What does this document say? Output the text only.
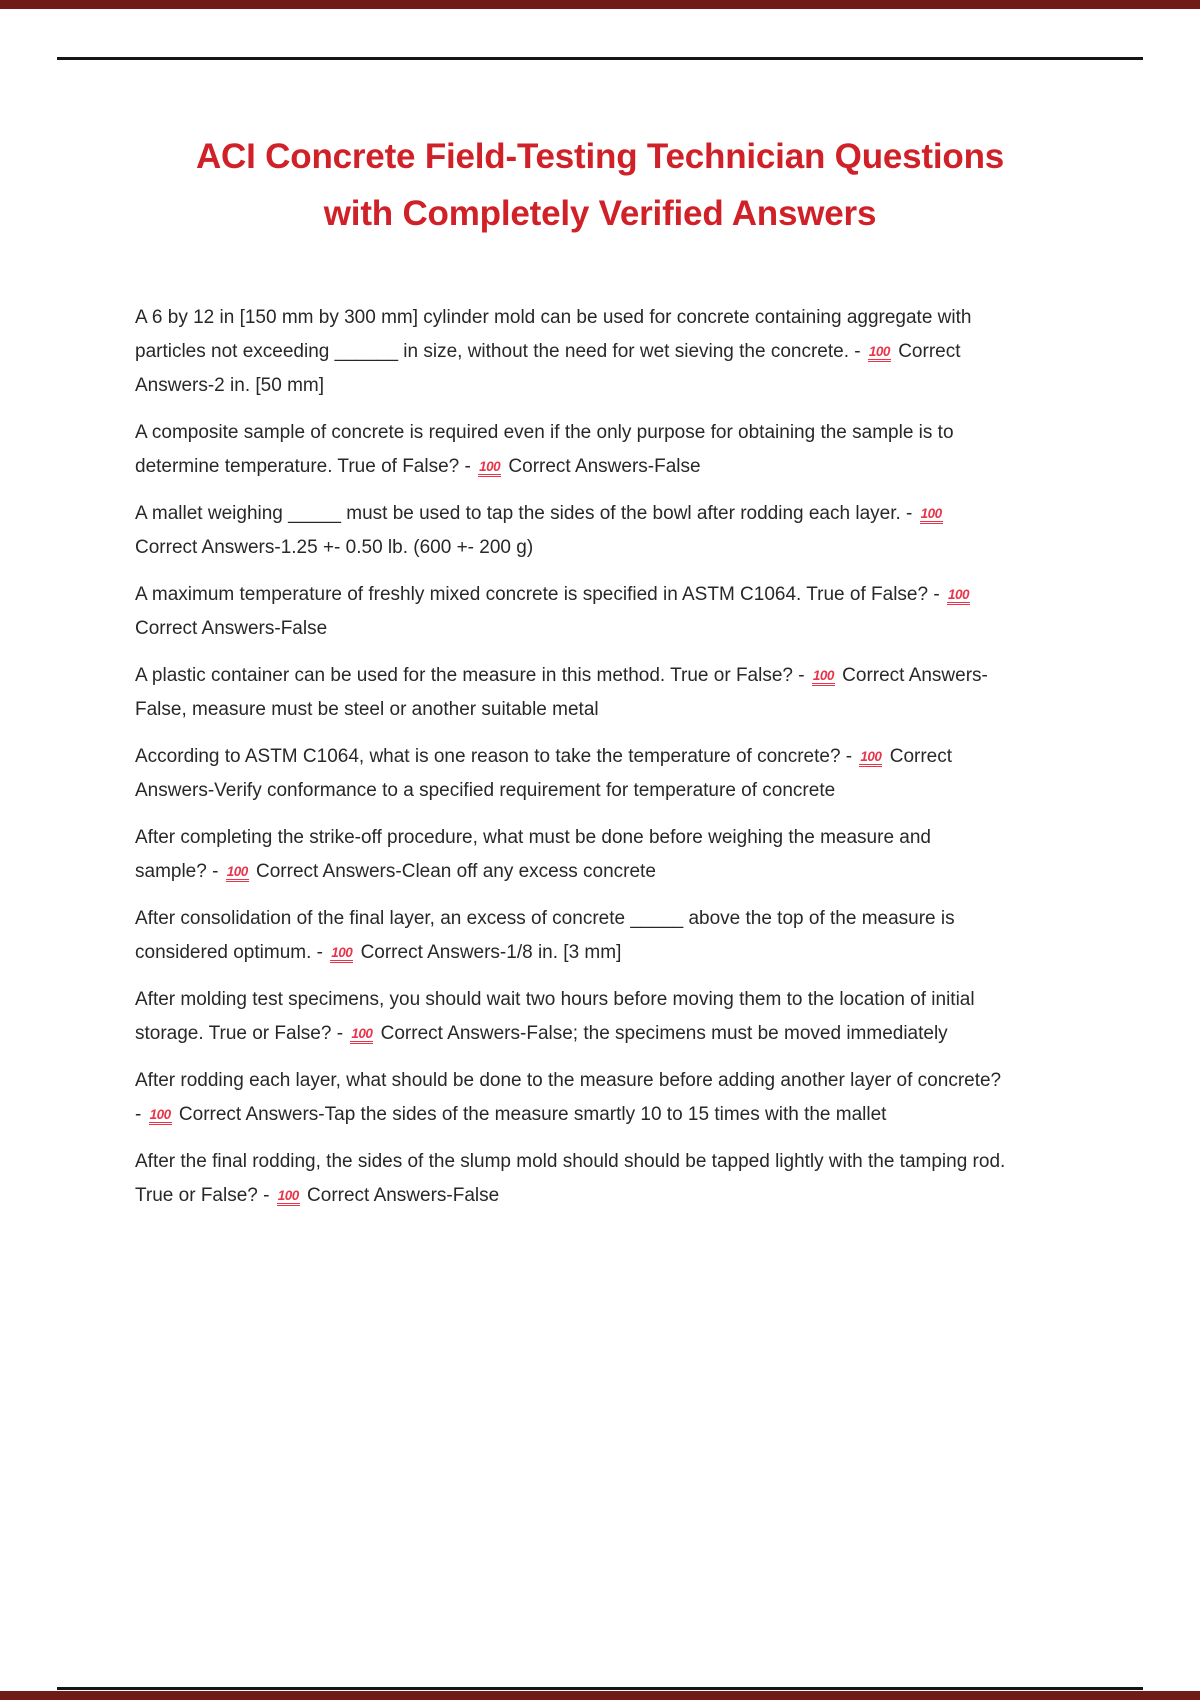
ACI Concrete Field-Testing Technician Questions
with Completely Verified Answers

A 6 by 12 in [150 mm by 300 mm] cylinder mold can be used for concrete containing aggregate with particles not exceeding ______ in size, without the need for wet sieving the concrete. - 100 Correct Answers-2 in. [50 mm]

A composite sample of concrete is required even if the only purpose for obtaining the sample is to determine temperature. True of False? - 100 Correct Answers-False

A mallet weighing _____ must be used to tap the sides of the bowl after rodding each layer. - 100 Correct Answers-1.25 +- 0.50 lb. (600 +- 200 g)

A maximum temperature of freshly mixed concrete is specified in ASTM C1064. True of False? - 100 Correct Answers-False

A plastic container can be used for the measure in this method. True or False? - 100 Correct Answers-False, measure must be steel or another suitable metal

According to ASTM C1064, what is one reason to take the temperature of concrete? - 100 Correct Answers-Verify conformance to a specified requirement for temperature of concrete

After completing the strike-off procedure, what must be done before weighing the measure and sample? - 100 Correct Answers-Clean off any excess concrete

After consolidation of the final layer, an excess of concrete _____ above the top of the measure is considered optimum. - 100 Correct Answers-1/8 in. [3 mm]

After molding test specimens, you should wait two hours before moving them to the location of initial storage. True or False? - 100 Correct Answers-False; the specimens must be moved immediately

After rodding each layer, what should be done to the measure before adding another layer of concrete? - 100 Correct Answers-Tap the sides of the measure smartly 10 to 15 times with the mallet

After the final rodding, the sides of the slump mold should should be tapped lightly with the tamping rod. True or False? - 100 Correct Answers-False
